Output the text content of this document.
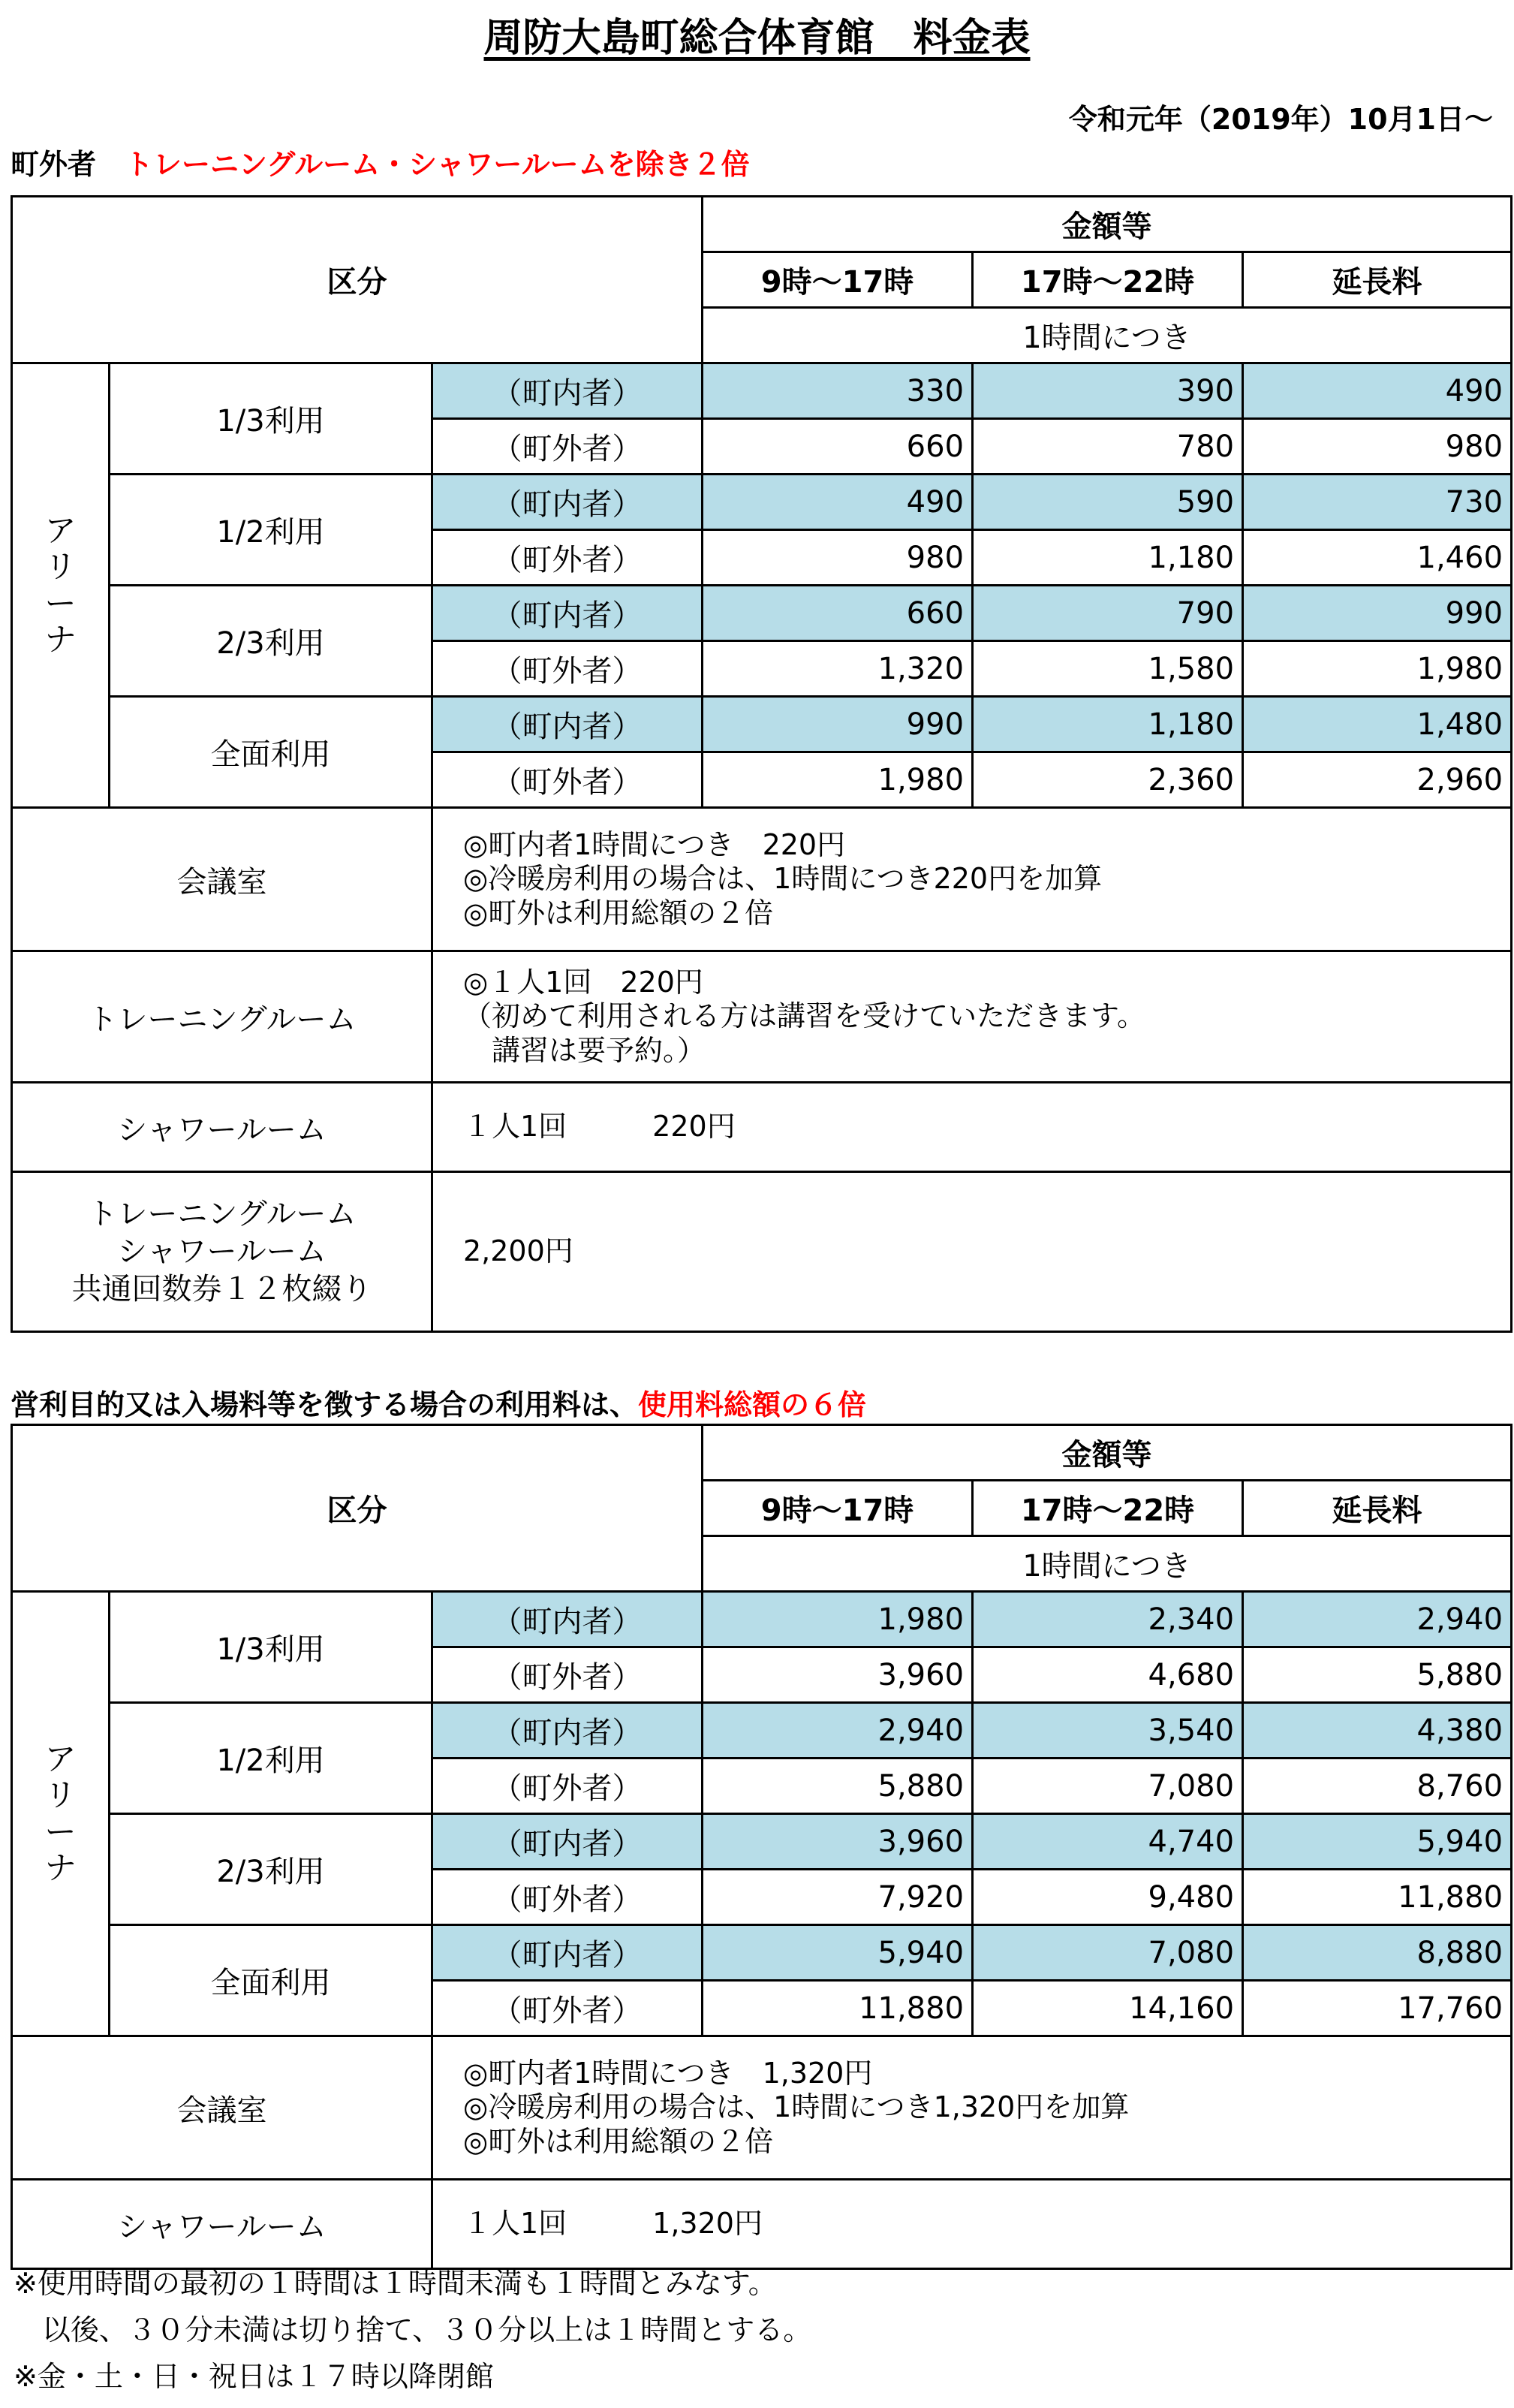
周防大島町総合体育館　料金表
令和元年（2019年）10月1日～
町外者　 トレーニングルーム・シャワールームを除き２倍
区分			金額等		
			9時～17時	17時～22時	延長料
			1時間につき		

ア
リ
ー
ナ	1/3利用	（町内者）	330	390	490
		（町外者）	660	780	980
	1/2利用	（町内者）	490	590	730
		（町外者）	980	1,180	1,460
	2/3利用	（町内者）	660	790	990
		（町外者）	1,320	1,580	1,980
	全面利用	（町内者）	990	1,180	1,480
		（町外者）	1,980	2,360	2,960
会議室		◎町内者1時間につき　220円
◎冷暖房利用の場合は、1時間につき220円を加算
◎町外は利用総額の２倍			

トレーニングルーム		◎１人1回　220円
（初めて利用される方は講習を受けていただきます。
　講習は要予約。）			

シャワールーム		１人1回　　　220円			

トレーニングルーム
シャワールーム
共通回数券１２枚綴り		2,200円			
営利目的又は入場料等を徴する場合の利用料は、使用料総額の６倍
区分			金額等		
			9時～17時	17時～22時	延長料
			1時間につき		

ア
リ
ー
ナ	1/3利用	（町内者）	1,980	2,340	2,940
		（町外者）	3,960	4,680	5,880
	1/2利用	（町内者）	2,940	3,540	4,380
		（町外者）	5,880	7,080	8,760
	2/3利用	（町内者）	3,960	4,740	5,940
		（町外者）	7,920	9,480	11,880
	全面利用	（町内者）	5,940	7,080	8,880
		（町外者）	11,880	14,160	17,760
会議室		◎町内者1時間につき　1,320円
◎冷暖房利用の場合は、1時間につき1,320円を加算
◎町外は利用総額の２倍			

シャワールーム		１人1回　　　1,320円			
※使用時間の最初の１時間は１時間未満も１時間とみなす。
　以後、３０分未満は切り捨て、３０分以上は１時間とする。
※金・土・日・祝日は１７時以降閉館
